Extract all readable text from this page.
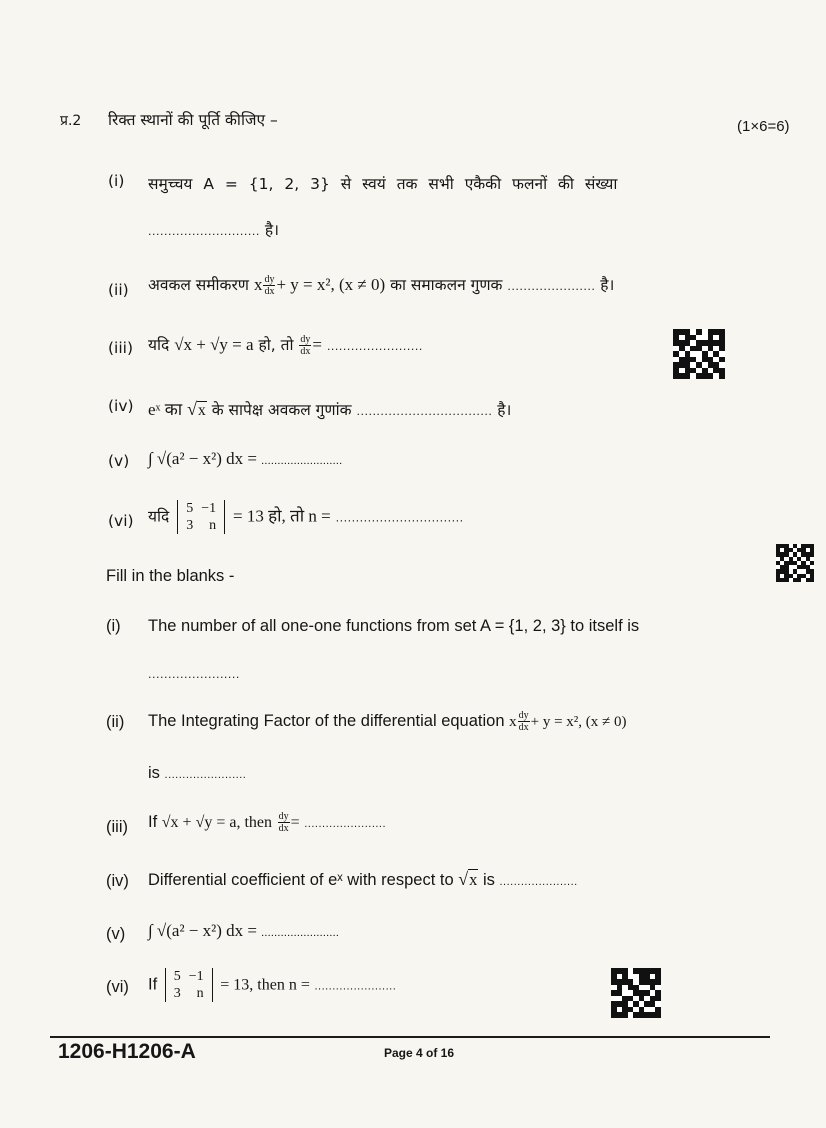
प्र.2 रिक्त स्थानों की पूर्ति कीजिए –	(1×6=6)
(i) समुच्चय A = {1, 2, 3} से स्वयं तक सभी एकैकी फलनों की संख्या
............................ है।
(ii) अवकल समीकरण x $\frac{dy}{dx} + y = x^2$, (x ≠ 0) का समाकलन गुणक ...................... है।
(iii) यदि √x + √y = a हो, तो $\frac{dy}{dx}$ = ........................
(iv) eˣ का √x के सापेक्ष अवकल गुणांक .................................. है।
(v) ∫ √(a² − x²) dx = .........................
(vi) यदि 5	−1
3	n = 13 हो, तो n = ................................
Fill in the blanks -
(i) The number of all one-one functions from set A = {1, 2, 3} to itself is
.......................
(ii) The Integrating Factor of the differential equation x $\frac{dy}{dx} + y = x^2$, (x ≠ 0)
is .......................
(iii) If √x + √y = a, then $\frac{dy}{dx}$ = .......................
(iv) Differential coefficient of eˣ with respect to √x is ......................
(v) ∫ √(a² − x²) dx = ........................
(vi) If 5	−1
3	n
= 13, then n = .......................
1206-H1206-A	Page 4 of 16
